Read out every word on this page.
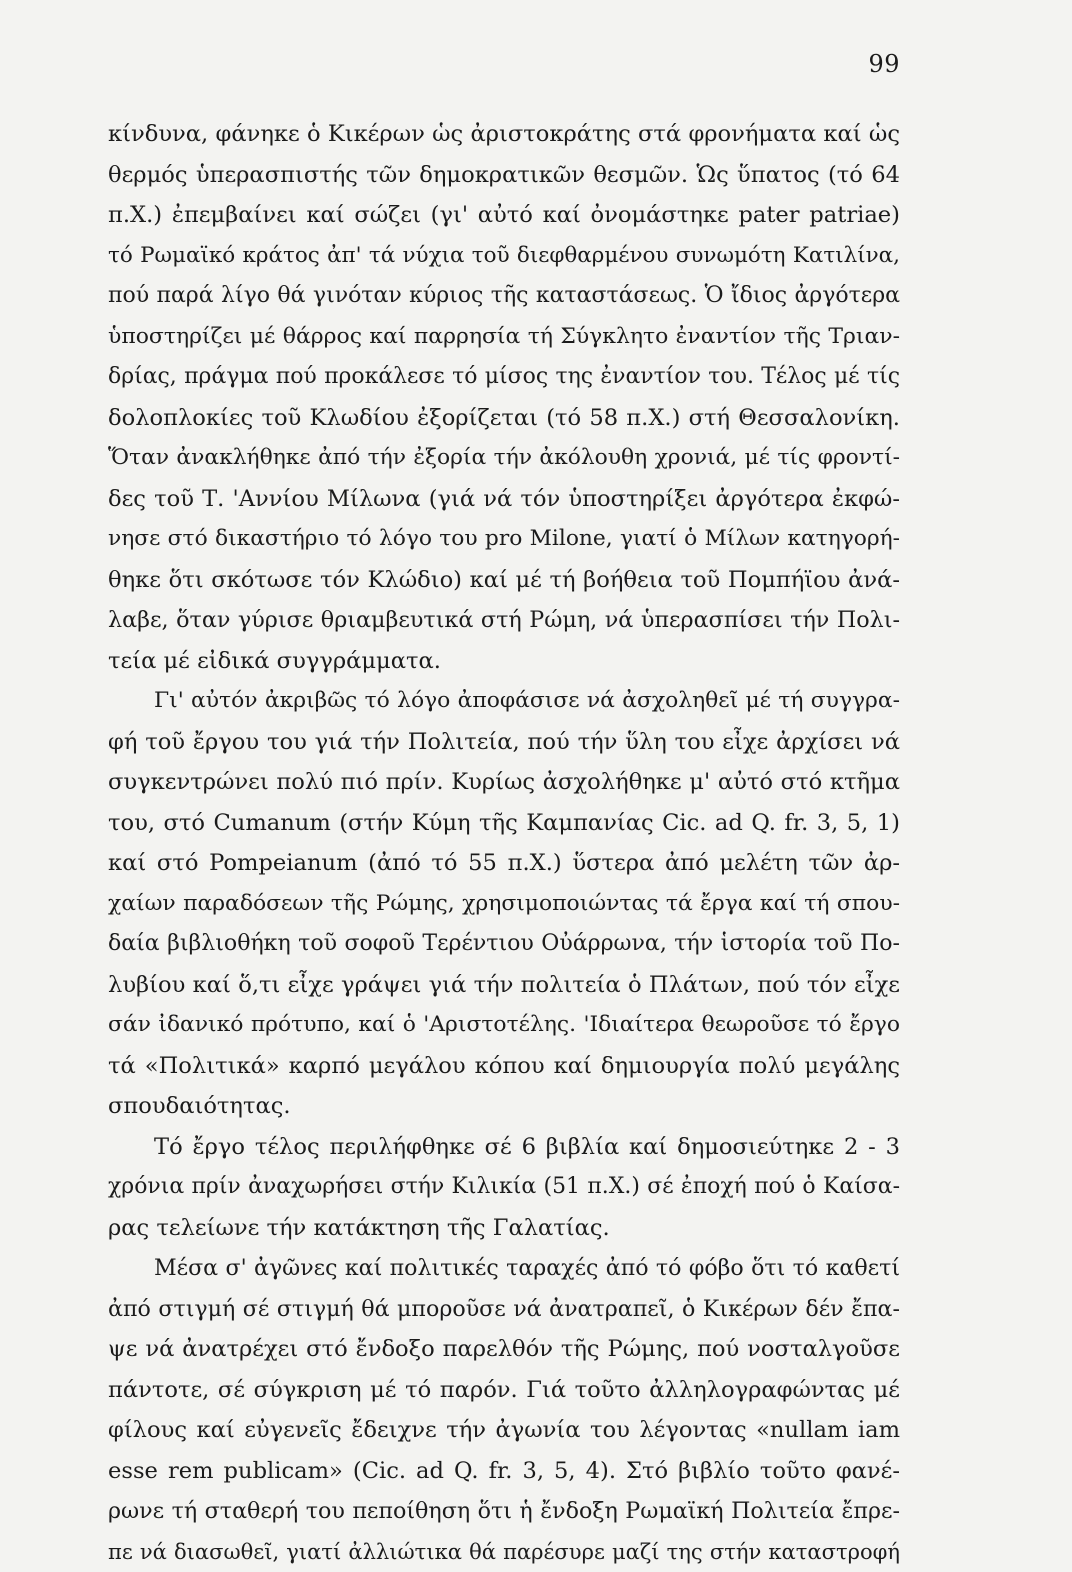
99
κίνδυνα, φάνηκε ὁ Κικέρων ὡς ἀριστοκράτης στά φρονήματα καί ὡς
θερμός ὑπερασπιστής τῶν δημοκρατικῶν θεσμῶν. Ὡς ὕπατος (τό 64
π.Χ.) ἐπεμβαίνει καί σώζει (γι' αὐτό καί ὀνομάστηκε pater patriae)
τό Ρωμαϊκό κράτος ἀπ' τά νύχια τοῦ διεφθαρμένου συνωμότη Κατιλίνα,
πού παρά λίγο θά γινόταν κύριος τῆς καταστάσεως. Ὁ ἴδιος ἀργότερα
ὑποστηρίζει μέ θάρρος καί παρρησία τή Σύγκλητο ἐναντίον τῆς Τριαν-
δρίας, πράγμα πού προκάλεσε τό μίσος της ἐναντίον του. Τέλος μέ τίς
δολοπλοκίες τοῦ Κλωδίου ἐξορίζεται (τό 58 π.Χ.) στή Θεσσαλονίκη.
Ὅταν ἀνακλήθηκε ἀπό τήν ἐξορία τήν ἀκόλουθη χρονιά, μέ τίς φροντί-
δες τοῦ Τ. 'Αννίου Μίλωνα (γιά νά τόν ὑποστηρίξει ἀργότερα ἐκφώ-
νησε στό δικαστήριο τό λόγο του pro Milone, γιατί ὁ Μίλων κατηγορή-
θηκε ὅτι σκότωσε τόν Κλώδιο) καί μέ τή βοήθεια τοῦ Πομπήϊου ἀνά-
λαβε, ὅταν γύρισε θριαμβευτικά στή Ρώμη, νά ὑπερασπίσει τήν Πολι-
τεία μέ εἰδικά συγγράμματα.
Γι' αὐτόν ἀκριβῶς τό λόγο ἀποφάσισε νά ἀσχοληθεῖ μέ τή συγγρα-
φή τοῦ ἔργου του γιά τήν Πολιτεία, πού τήν ὕλη του εἶχε ἀρχίσει νά
συγκεντρώνει πολύ πιό πρίν. Κυρίως ἀσχολήθηκε μ' αὐτό στό κτῆμα
του, στό Cumanum (στήν Κύμη τῆς Καμπανίας Cic. ad Q. fr. 3, 5, 1)
καί στό Pompeianum (ἀπό τό 55 π.Χ.) ὕστερα ἀπό μελέτη τῶν ἀρ-
χαίων παραδόσεων τῆς Ρώμης, χρησιμοποιώντας τά ἔργα καί τή σπου-
δαία βιβλιοθήκη τοῦ σοφοῦ Τερέντιου Οὐάρρωνα, τήν ἱστορία τοῦ Πο-
λυβίου καί ὅ,τι εἶχε γράψει γιά τήν πολιτεία ὁ Πλάτων, πού τόν εἶχε
σάν ἰδανικό πρότυπο, καί ὁ 'Αριστοτέλης. 'Ιδιαίτερα θεωροῦσε τό ἔργο
τά «Πολιτικά» καρπό μεγάλου κόπου καί δημιουργία πολύ μεγάλης
σπουδαιότητας.
Τό ἔργο τέλος περιλήφθηκε σέ 6 βιβλία καί δημοσιεύτηκε 2 - 3
χρόνια πρίν ἀναχωρήσει στήν Κιλικία (51 π.Χ.) σέ ἐποχή πού ὁ Καίσα-
ρας τελείωνε τήν κατάκτηση τῆς Γαλατίας.
Μέσα σ' ἀγῶνες καί πολιτικές ταραχές ἀπό τό φόβο ὅτι τό καθετί
ἀπό στιγμή σέ στιγμή θά μποροῦσε νά ἀνατραπεῖ, ὁ Κικέρων δέν ἔπα-
ψε νά ἀνατρέχει στό ἔνδοξο παρελθόν τῆς Ρώμης, πού νοσταλγοῦσε
πάντοτε, σέ σύγκριση μέ τό παρόν. Γιά τοῦτο ἀλληλογραφώντας μέ
φίλους καί εὐγενεῖς ἔδειχνε τήν ἀγωνία του λέγοντας «nullam iam
esse rem publicam» (Cic. ad Q. fr. 3, 5, 4). Στό βιβλίο τοῦτο φανέ-
ρωνε τή σταθερή του πεποίθηση ὅτι ἡ ἔνδοξη Ρωμαϊκή Πολιτεία ἔπρε-
πε νά διασωθεῖ, γιατί ἀλλιώτικα θά παρέσυρε μαζί της στήν καταστροφή
